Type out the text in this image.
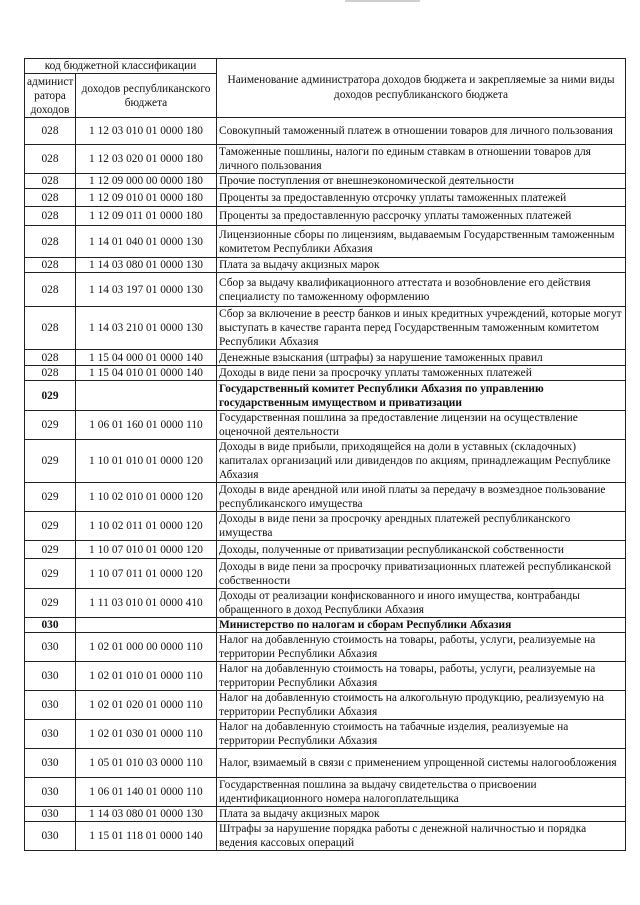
код бюджетной классификации		Наименование администратора доходов бюджета и закрепляемые за ними виды доходов республиканского бюджета
админист
ратора
доходов	доходов республиканского бюджета	
028	1 12 03 010 01 0000 180	Совокупный таможенный платеж в отношении товаров для личного пользования
028	1 12 03 020 01 0000 180	Таможенные пошлины, налоги по единым ставкам в отношении товаров для личного пользования
028	1 12 09 000 00 0000 180	Прочие поступления от внешнеэкономической деятельности
028	1 12 09 010 01 0000 180	Проценты за предоставленную отсрочку уплаты таможенных платежей
028	1 12 09 011 01 0000 180	Проценты за предоставленную рассрочку уплаты таможенных платежей
028	1 14 01 040 01 0000 130	Лицензионные сборы по лицензиям, выдаваемым Государственным таможенным комитетом Республики Абхазия
028	1 14 03 080 01 0000 130	Плата за выдачу акцизных марок
028	1 14 03 197 01 0000 130	Сбор за выдачу квалификационного аттестата и возобновление его действия специалисту по таможенному оформлению
028	1 14 03 210 01 0000 130	Сбор за включение в реестр банков и иных кредитных учреждений, которые могут выступать в качестве гаранта перед Государственным таможенным комитетом Республики Абхазия
028	1 15 04 000 01 0000 140	Денежные взыскания (штрафы) за нарушение таможенных правил
028	1 15 04 010 01 0000 140	Доходы в виде пени за просрочку уплаты таможенных платежей
029		Государственный комитет Республики Абхазия по управлению государственным имуществом и приватизации
029	1 06 01 160 01 0000 110	Государственная пошлина за предоставление лицензии на осуществление оценочной деятельности
029	1 10 01 010 01 0000 120	Доходы в виде прибыли, приходящейся на доли в уставных (складочных) капиталах организаций или дивидендов по акциям, принадлежащим Республике Абхазия
029	1 10 02 010 01 0000 120	Доходы в виде арендной или иной платы за передачу в возмездное пользование республиканского имущества
029	1 10 02 011 01 0000 120	Доходы в виде пени за просрочку арендных платежей республиканского имущества
029	1 10 07 010 01 0000 120	Доходы, полученные от приватизации республиканской собственности
029	1 10 07 011 01 0000 120	Доходы в виде пени за просрочку приватизационных платежей республиканской собственности
029	1 11 03 010 01 0000 410	Доходы от реализации конфискованного и иного имущества, контрабанды обращенного в доход Республики Абхазия
030		Министерство по налогам и сборам Республики Абхазия
030	1 02 01 000 00 0000 110	Налог на добавленную стоимость на товары, работы, услуги, реализуемые на территории Республики Абхазия
030	1 02 01 010 01 0000 110	Налог на добавленную стоимость на товары, работы, услуги, реализуемые на территории Республики Абхазия
030	1 02 01 020 01 0000 110	Налог на добавленную стоимость на алкогольную продукцию, реализуемую на территории Республики Абхазия
030	1 02 01 030 01 0000 110	Налог на добавленную стоимость на табачные изделия, реализуемые на территории Республики Абхазия
030	1 05 01 010 03 0000 110	Налог, взимаемый в связи с применением упрощенной системы налогообложения
030	1 06 01 140 01 0000 110	Государственная пошлина за выдачу свидетельства о присвоении идентификационного номера налогоплательщика
030	1 14 03 080 01 0000 130	Плата за выдачу акцизных марок
030	1 15 01 118 01 0000 140	Штрафы за нарушение порядка работы с денежной наличностью и порядка ведения кассовых операций
